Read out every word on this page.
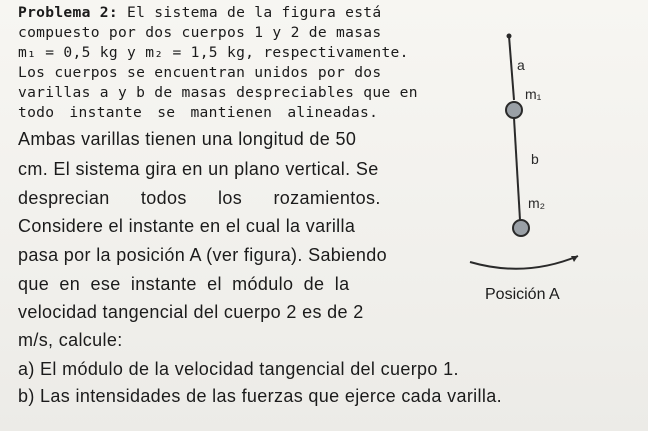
Problema 2: El sistema de la figura está
compuesto por dos cuerpos 1 y 2 de masas
m₁ = 0,5 kg y m₂ = 1,5 kg, respectivamente.
Los cuerpos se encuentran unidos por dos
varillas a y b de masas despreciables que en
todo instante se mantienen alineadas.
Ambas varillas tienen una longitud de 50
cm. El sistema gira en un plano vertical. Se
desprecian todos los rozamientos.
Considere el instante en el cual la varilla
pasa por la posición A (ver figura). Sabiendo
que en ese instante el módulo de la
velocidad tangencial del cuerpo 2 es de 2
m/s, calcule:
a) El módulo de la velocidad tangencial del cuerpo 1.
b) Las intensidades de las fuerzas que ejerce cada varilla.
a
m₁
b
m₂
Posición A
